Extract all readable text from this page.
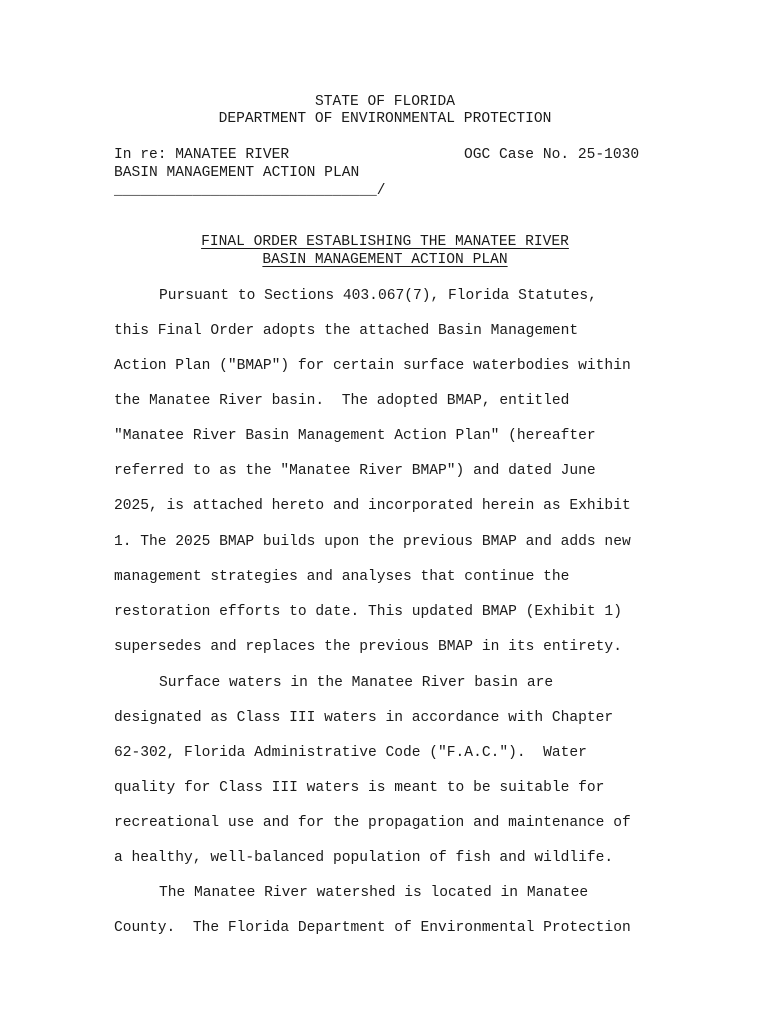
STATE OF FLORIDA
DEPARTMENT OF ENVIRONMENTAL PROTECTION
In re: MANATEE RIVER	OGC Case No. 25-1030
BASIN MANAGEMENT ACTION PLAN
______________________________/
FINAL ORDER ESTABLISHING THE MANATEE RIVER
BASIN MANAGEMENT ACTION PLAN
Pursuant to Sections 403.067(7), Florida Statutes,
this Final Order adopts the attached Basin Management
Action Plan ("BMAP") for certain surface waterbodies within
the Manatee River basin.  The adopted BMAP, entitled
"Manatee River Basin Management Action Plan" (hereafter
referred to as the "Manatee River BMAP") and dated June
2025, is attached hereto and incorporated herein as Exhibit
1. The 2025 BMAP builds upon the previous BMAP and adds new
management strategies and analyses that continue the
restoration efforts to date. This updated BMAP (Exhibit 1)
supersedes and replaces the previous BMAP in its entirety.
Surface waters in the Manatee River basin are
designated as Class III waters in accordance with Chapter
62-302, Florida Administrative Code ("F.A.C.").  Water
quality for Class III waters is meant to be suitable for
recreational use and for the propagation and maintenance of
a healthy, well-balanced population of fish and wildlife.
The Manatee River watershed is located in Manatee
County.  The Florida Department of Environmental Protection
